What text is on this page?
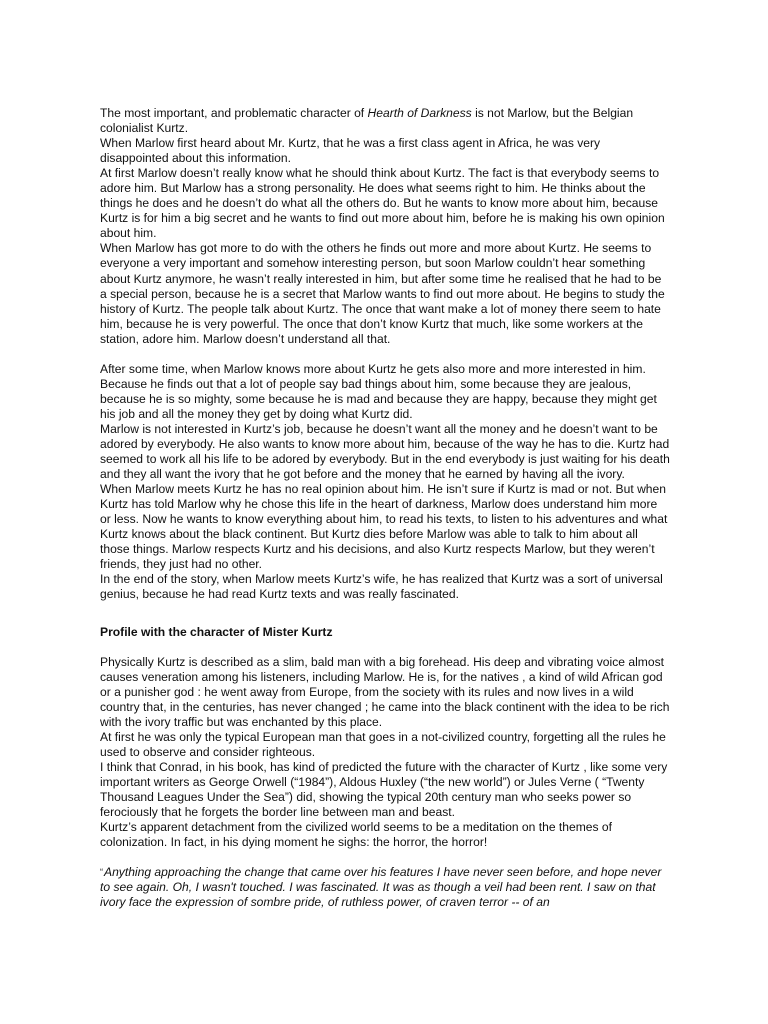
The most important, and problematic character of Hearth of Darkness is not Marlow, but the Belgian colonialist Kurtz.

When Marlow first heard about Mr. Kurtz, that he was a first class agent in Africa, he was very disappointed about this information.

At first Marlow doesn’t really know what he should think about Kurtz. The fact is that everybody seems to adore him. But Marlow has a strong personality. He does what seems right to him. He thinks about the things he does and he doesn’t do what all the others do. But he wants to know more about him, because Kurtz is for him a big secret and he wants to find out more about him, before he is making his own opinion about him.

When Marlow has got more to do with the others he finds out more and more about Kurtz. He seems to everyone a very important and somehow interesting person, but soon Marlow couldn’t hear something about Kurtz anymore, he wasn’t really interested in him, but after some time he realised that he had to be a special person, because he is a secret that Marlow wants to find out more about. He begins to study the history of Kurtz. The people talk about Kurtz. The once that want make a lot of money there seem to hate him, because he is very powerful. The once that don’t know Kurtz that much, like some workers at the station, adore him. Marlow doesn’t understand all that.

After some time, when Marlow knows more about Kurtz he gets also more and more interested in him. Because he finds out that a lot of people say bad things about him, some because they are jealous, because he is so mighty, some because he is mad and because they are happy, because they might get his job and all the money they get by doing what Kurtz did.

Marlow is not interested in Kurtz’s job, because he doesn’t want all the money and he doesn’t want to be adored by everybody. He also wants to know more about him, because of the way he has to die. Kurtz had seemed to work all his life to be adored by everybody. But in the end everybody is just waiting for his death and they all want the ivory that he got before and the money that he earned by having all the ivory.

When Marlow meets Kurtz he has no real opinion about him. He isn’t sure if Kurtz is mad or not. But when Kurtz has told Marlow why he chose this life in the heart of darkness, Marlow does understand him more or less. Now he wants to know everything about him, to read his texts, to listen to his adventures and what Kurtz knows about the black continent. But Kurtz dies before Marlow was able to talk to him about all those things. Marlow respects Kurtz and his decisions, and also Kurtz respects Marlow, but they weren’t friends, they just had no other.

In the end of the story, when Marlow meets Kurtz’s wife, he has realized that Kurtz was a sort of universal genius, because he had read Kurtz texts and was really fascinated.

Profile with the character of Mister Kurtz

Physically Kurtz is described as a slim, bald man with a big forehead. His deep and vibrating voice almost causes veneration among his listeners, including Marlow. He is, for the natives , a kind of wild African god or a punisher god : he went away from Europe, from the society with its rules and now lives in a wild country that, in the centuries, has never changed ; he came into the black continent with the idea to be rich with the ivory traffic but was enchanted by this place.

At first he was only the typical European man that goes in a not-civilized country, forgetting all the rules he used to observe and consider righteous.

I think that Conrad, in his book, has kind of predicted the future with the character of Kurtz , like some very important writers as George Orwell (“1984”), Aldous Huxley (“the new world”) or Jules Verne ( “Twenty Thousand Leagues Under the Sea”) did, showing the typical 20th century man who seeks power so ferociously that he forgets the border line between man and beast.

Kurtz’s apparent detachment from the civilized world seems to be a meditation on the themes of colonization. In fact, in his dying moment he sighs: the horror, the horror!

“Anything approaching the change that came over his features I have never seen before, and hope never to see again. Oh, I wasn't touched. I was fascinated. It was as though a veil had been rent. I saw on that ivory face the expression of sombre pride, of ruthless power, of craven terror -- of an
